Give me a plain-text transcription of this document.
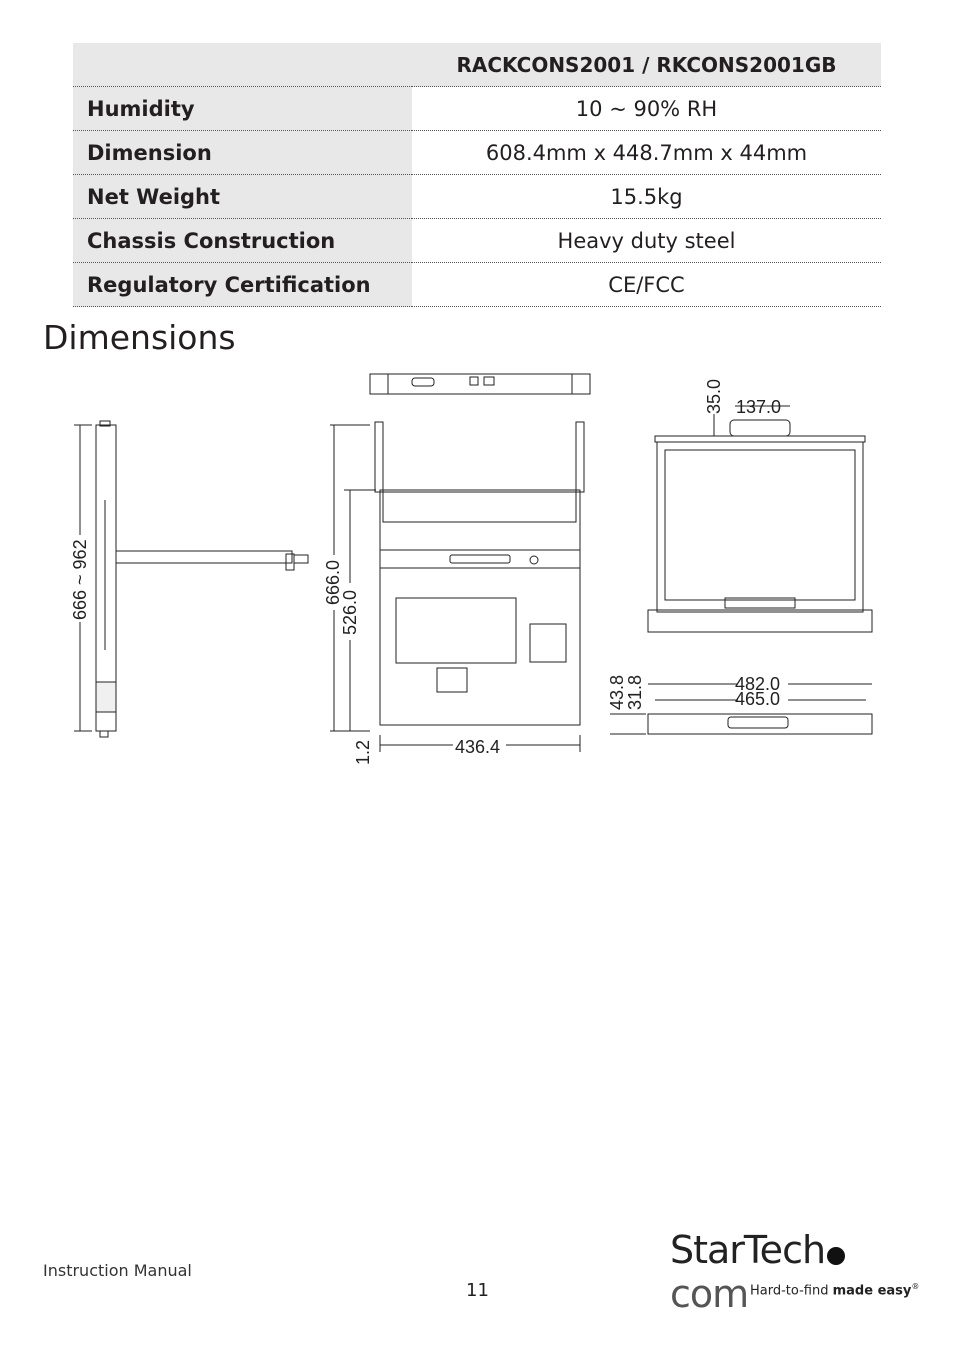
	RACKCONS2001 / RKCONS2001GB
Humidity	10 ~ 90% RH
Dimension	608.4mm x 448.7mm x 44mm
Net Weight	15.5kg
Chassis Construction	Heavy duty steel
Regulatory Certification	CE/FCC
Dimensions
666 ~ 962	666.0
526.0
1.2	436.4
35.0 137.0
43.8
31.8	482.0
465.0
Instruction Manual
11
StarTechcom Hard-to-find made easy®
